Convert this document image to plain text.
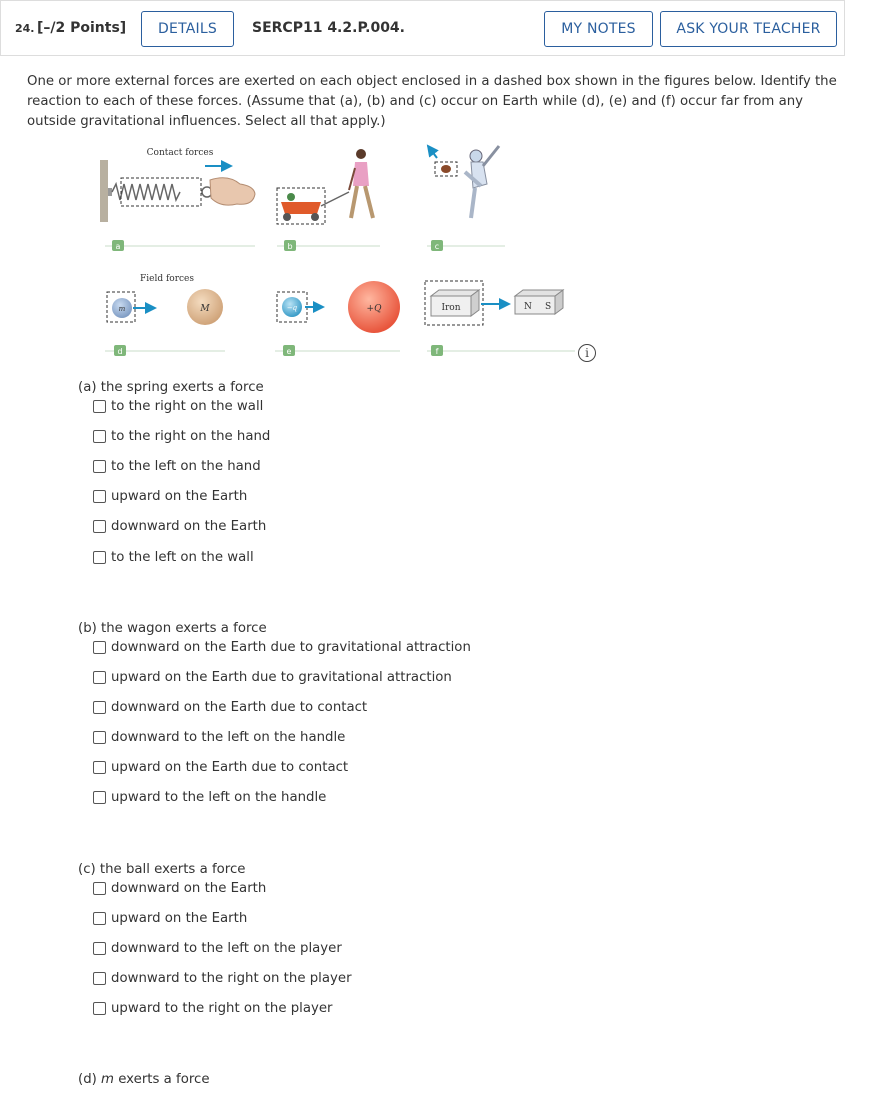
24. [–/2 Points]	DETAILS	SERCP11 4.2.P.004.	MY NOTES	ASK YOUR TEACHER
One or more external forces are exerted on each object enclosed in a dashed box shown in the figures below. Identify the reaction to each of these forces. (Assume that (a), (b) and (c) occur on Earth while (d), (e) and (f) occur far from any outside gravitational influences. Select all that apply.)
Contact forces
a	b	c
Field forces
m	M
d
−q	+Q
e
Iron	N S
f	i
(a) the spring exerts a force
to the right on the wall
to the right on the hand
to the left on the hand
upward on the Earth
downward on the Earth
to the left on the wall
(b) the wagon exerts a force
downward on the Earth due to gravitational attraction
upward on the Earth due to gravitational attraction
downward on the Earth due to contact
downward to the left on the handle
upward on the Earth due to contact
upward to the left on the handle
(c) the ball exerts a force
downward on the Earth
upward on the Earth
downward to the left on the player
downward to the right on the player
upward to the right on the player
(d) m exerts a force
